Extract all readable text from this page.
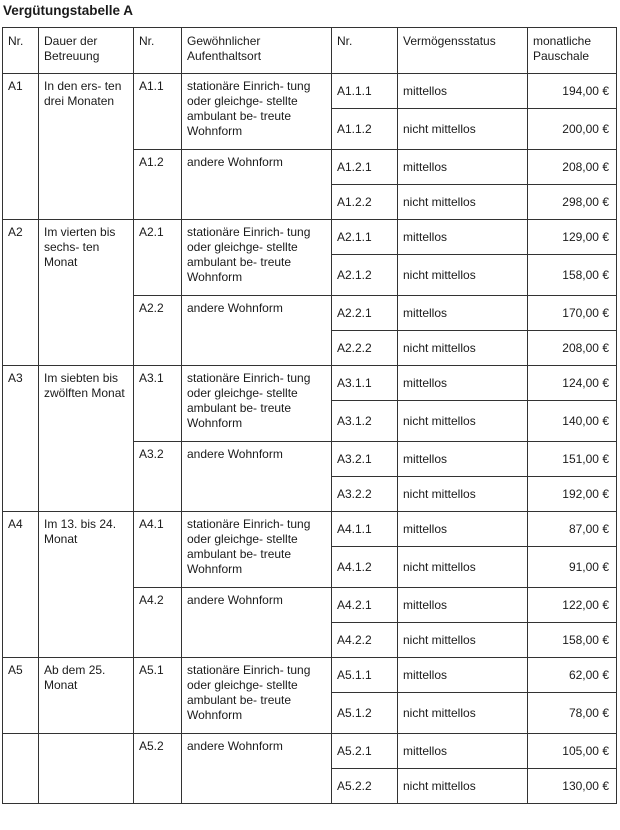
Vergütungstabelle A
Nr.	Dauer der Betreuung	Nr.	Gewöhnlicher Aufenthaltsort	Nr.	Vermögensstatus	monatliche Pauschale
A1	In den ers- ten drei Monaten	A1.1	stationäre Einrich- tung oder gleichge- stellte ambulant be- treute Wohnform	A1.1.1	mittellos	194,00 €
				A1.1.2	nicht mittellos	200,00 €
		A1.2	andere Wohnform	A1.2.1	mittellos	208,00 €
				A1.2.2	nicht mittellos	298,00 €
A2	Im vierten bis sechs- ten Monat	A2.1	stationäre Einrich- tung oder gleichge- stellte ambulant be- treute Wohnform	A2.1.1	mittellos	129,00 €
				A2.1.2	nicht mittellos	158,00 €
		A2.2	andere Wohnform	A2.2.1	mittellos	170,00 €
				A2.2.2	nicht mittellos	208,00 €
A3	Im siebten bis zwölften Monat	A3.1	stationäre Einrich- tung oder gleichge- stellte ambulant be- treute Wohnform	A3.1.1	mittellos	124,00 €
				A3.1.2	nicht mittellos	140,00 €
		A3.2	andere Wohnform	A3.2.1	mittellos	151,00 €
				A3.2.2	nicht mittellos	192,00 €
A4	Im 13. bis 24. Monat	A4.1	stationäre Einrich- tung oder gleichge- stellte ambulant be- treute Wohnform	A4.1.1	mittellos	87,00 €
				A4.1.2	nicht mittellos	91,00 €
		A4.2	andere Wohnform	A4.2.1	mittellos	122,00 €
				A4.2.2	nicht mittellos	158,00 €
A5	Ab dem 25. Monat	A5.1	stationäre Einrich- tung oder gleichge- stellte ambulant be- treute Wohnform	A5.1.1	mittellos	62,00 €
				A5.1.2	nicht mittellos	78,00 €
		A5.2	andere Wohnform	A5.2.1	mittellos	105,00 €
				A5.2.2	nicht mittellos	130,00 €
